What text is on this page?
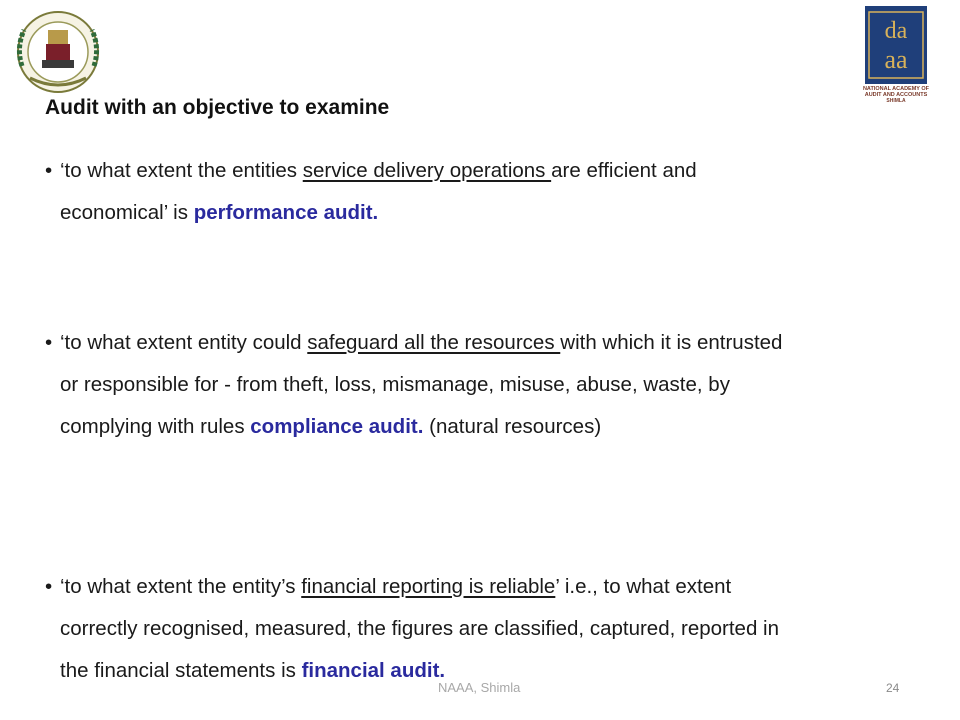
da
aa
NATIONAL ACADEMY OF
AUDIT AND ACCOUNTS
SHIMLA
Audit with an objective to examine
• ‘to what extent the entities service delivery operations are efficient and
economical’ is performance audit.
• ‘to what extent entity could safeguard all the resources with which it is entrusted
or responsible for - from theft, loss, mismanage, misuse, abuse, waste, by
complying with rules compliance audit. (natural resources)
• ‘to what extent the entity’s financial reporting is reliable’ i.e., to what extent
correctly recognised, measured, the figures are classified, captured, reported in
the financial statements is financial audit.
NAAA, Shimla	24
